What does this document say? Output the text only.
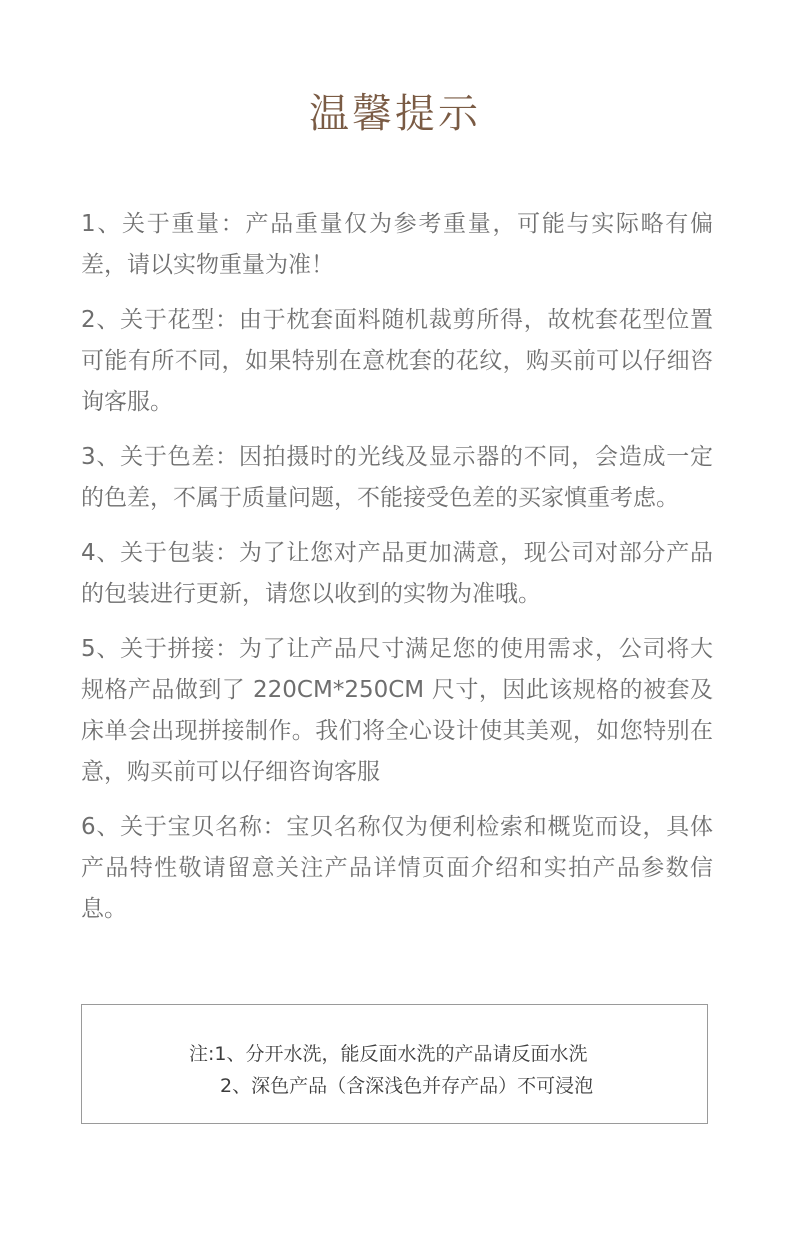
温馨提示

1、关于重量：产品重量仅为参考重量，可能与实际略有偏差，请以实物重量为准！

2、关于花型：由于枕套面料随机裁剪所得，故枕套花型位置可能有所不同，如果特别在意枕套的花纹，购买前可以仔细咨询客服。

3、关于色差：因拍摄时的光线及显示器的不同，会造成一定的色差，不属于质量问题，不能接受色差的买家慎重考虑。

4、关于包装：为了让您对产品更加满意，现公司对部分产品的包装进行更新，请您以收到的实物为准哦。

5、关于拼接：为了让产品尺寸满足您的使用需求，公司将大规格产品做到了 220CM*250CM 尺寸，因此该规格的被套及床单会出现拼接制作。我们将全心设计使其美观，如您特别在意，购买前可以仔细咨询客服

6、关于宝贝名称：宝贝名称仅为便利检索和概览而设，具体产品特性敬请留意关注产品详情页面介绍和实拍产品参数信息。

注:1、分开水洗，能反面水洗的产品请反面水洗
2、深色产品（含深浅色并存产品）不可浸泡
